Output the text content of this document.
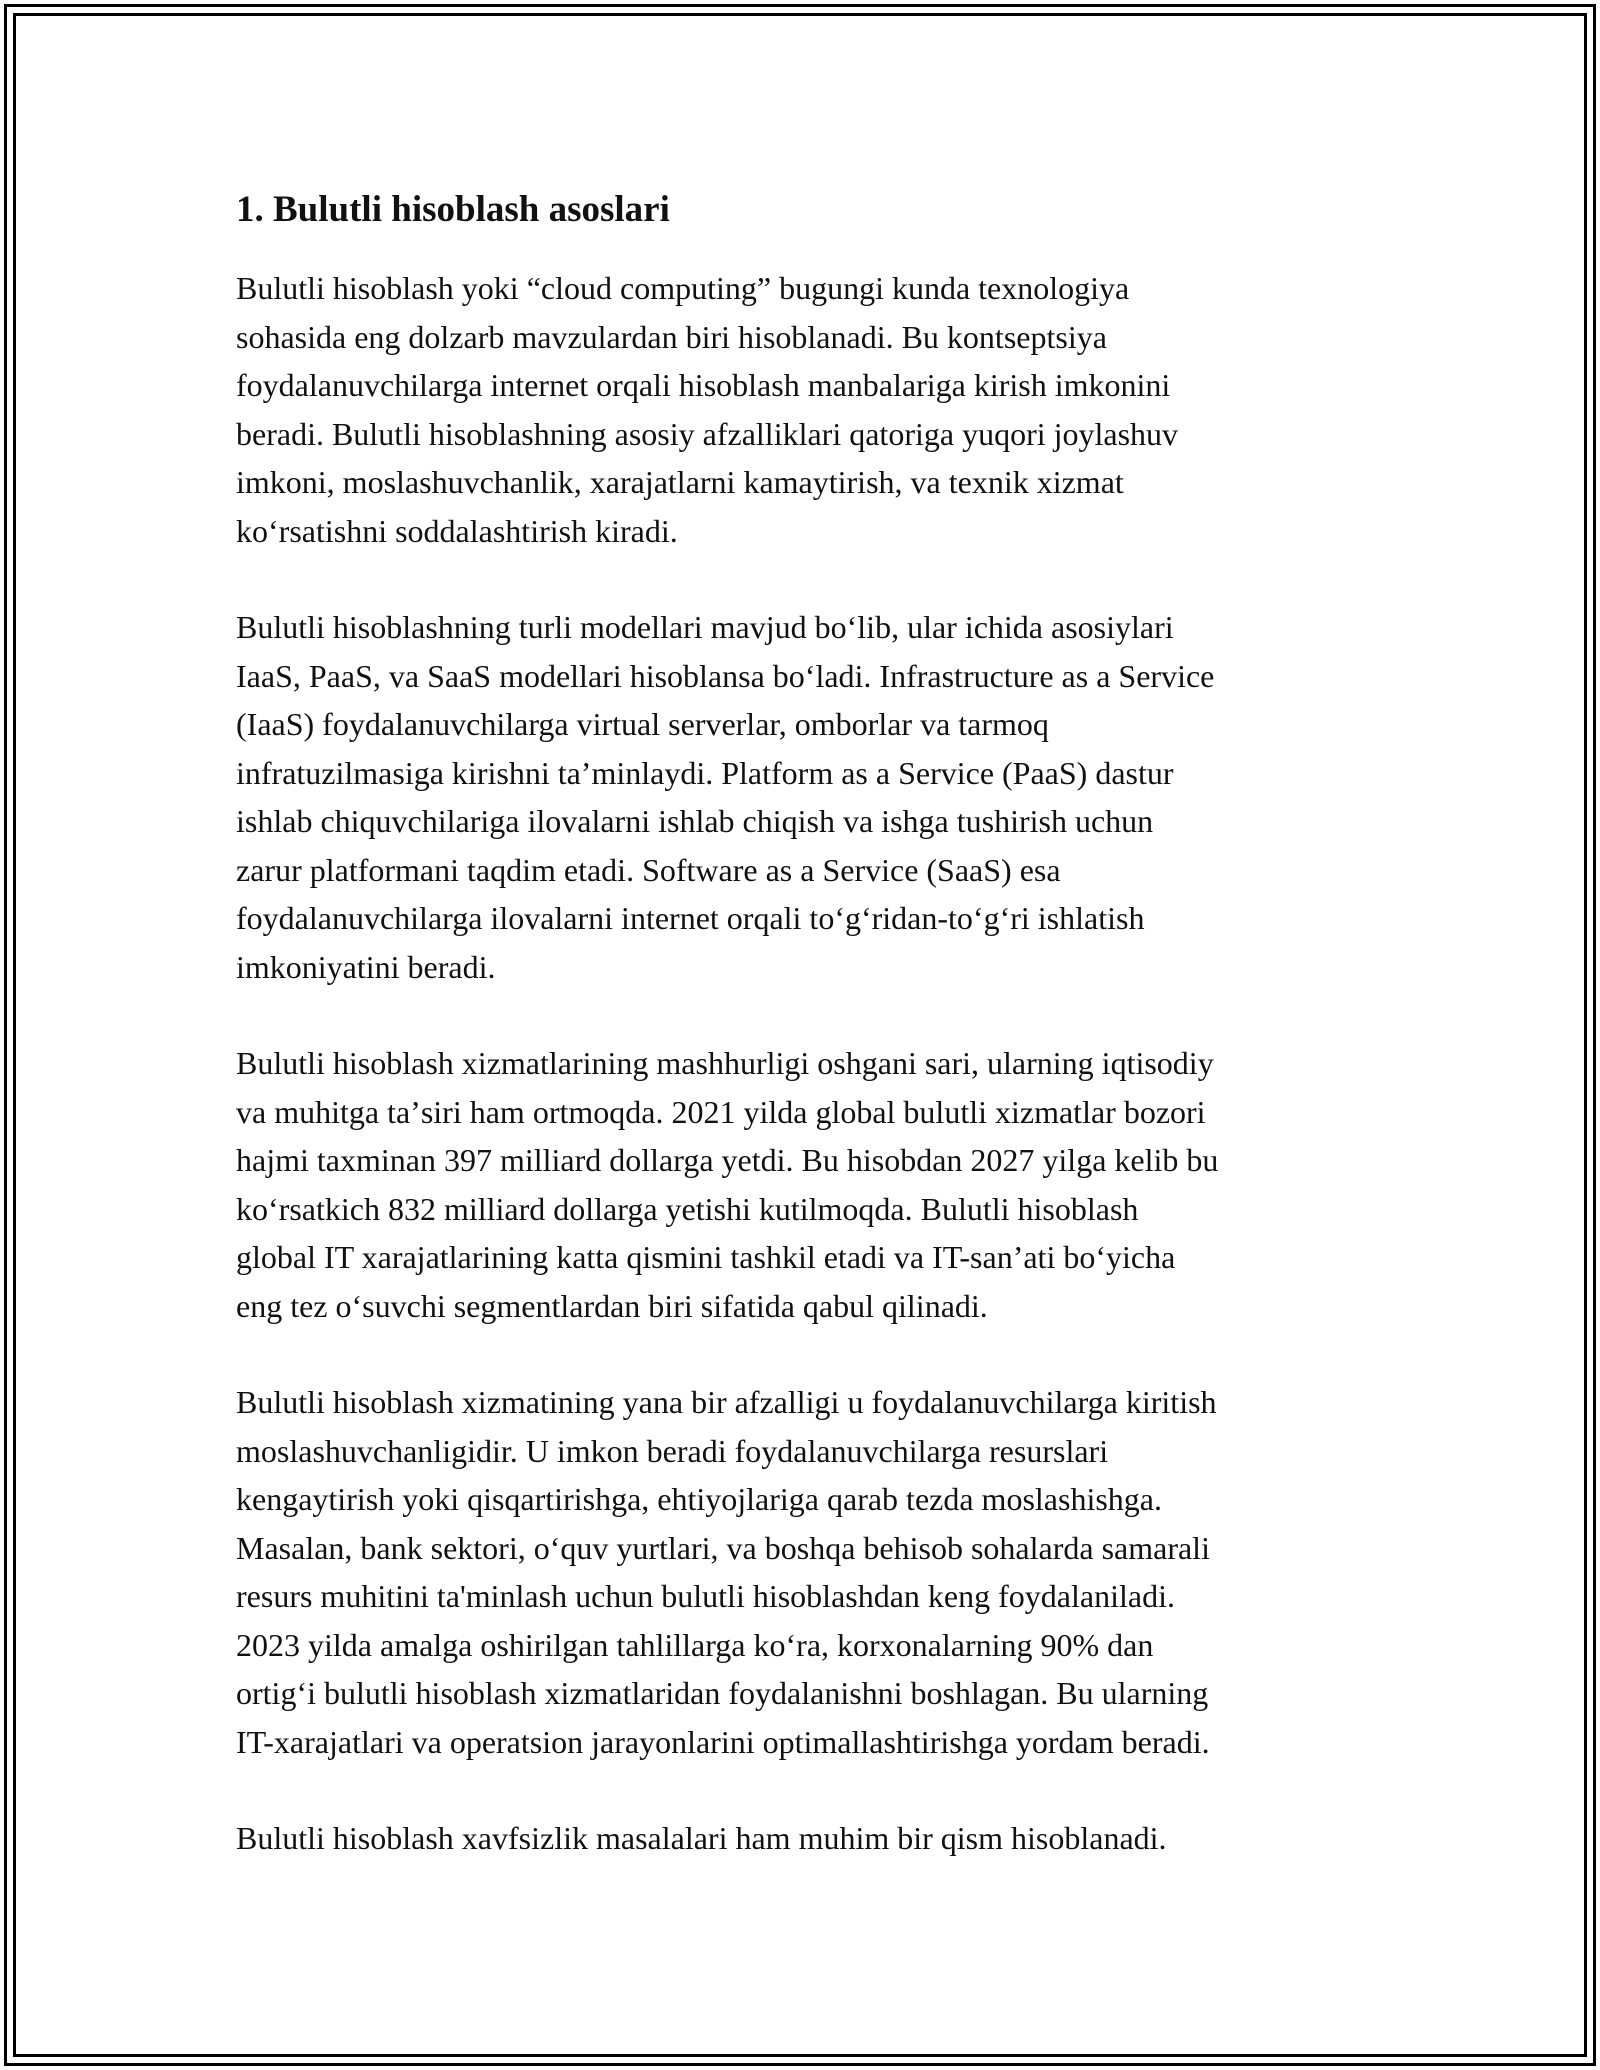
1. Bulutli hisoblash asoslari

Bulutli hisoblash yoki “cloud computing” bugungi kunda texnologiya
sohasida eng dolzarb mavzulardan biri hisoblanadi. Bu kontseptsiya
foydalanuvchilarga internet orqali hisoblash manbalariga kirish imkonini
beradi. Bulutli hisoblashning asosiy afzalliklari qatoriga yuqori joylashuv
imkoni, moslashuvchanlik, xarajatlarni kamaytirish, va texnik xizmat
koʻrsatishni soddalashtirish kiradi.

Bulutli hisoblashning turli modellari mavjud boʻlib, ular ichida asosiylari
IaaS, PaaS, va SaaS modellari hisoblansa boʻladi. Infrastructure as a Service
(IaaS) foydalanuvchilarga virtual serverlar, omborlar va tarmoq
infratuzilmasiga kirishni taʼminlaydi. Platform as a Service (PaaS) dastur
ishlab chiquvchilariga ilovalarni ishlab chiqish va ishga tushirish uchun
zarur platformani taqdim etadi. Software as a Service (SaaS) esa
foydalanuvchilarga ilovalarni internet orqali toʻgʻridan-toʻgʻri ishlatish
imkoniyatini beradi.

Bulutli hisoblash xizmatlarining mashhurligi oshgani sari, ularning iqtisodiy
va muhitga taʼsiri ham ortmoqda. 2021 yilda global bulutli xizmatlar bozori
hajmi taxminan 397 milliard dollarga yetdi. Bu hisobdan 2027 yilga kelib bu
koʻrsatkich 832 milliard dollarga yetishi kutilmoqda. Bulutli hisoblash
global IT xarajatlarining katta qismini tashkil etadi va IT-sanʼati boʻyicha
eng tez oʻsuvchi segmentlardan biri sifatida qabul qilinadi.

Bulutli hisoblash xizmatining yana bir afzalligi u foydalanuvchilarga kiritish
moslashuvchanligidir. U imkon beradi foydalanuvchilarga resurslari
kengaytirish yoki qisqartirishga, ehtiyojlariga qarab tezda moslashishga.
Masalan, bank sektori, oʻquv yurtlari, va boshqa behisob sohalarda samarali
resurs muhitini ta'minlash uchun bulutli hisoblashdan keng foydalaniladi.
2023 yilda amalga oshirilgan tahlillarga koʻra, korxonalarning 90% dan
ortigʻi bulutli hisoblash xizmatlaridan foydalanishni boshlagan. Bu ularning
IT-xarajatlari va operatsion jarayonlarini optimallashtirishga yordam beradi.

Bulutli hisoblash xavfsizlik masalalari ham muhim bir qism hisoblanadi.
